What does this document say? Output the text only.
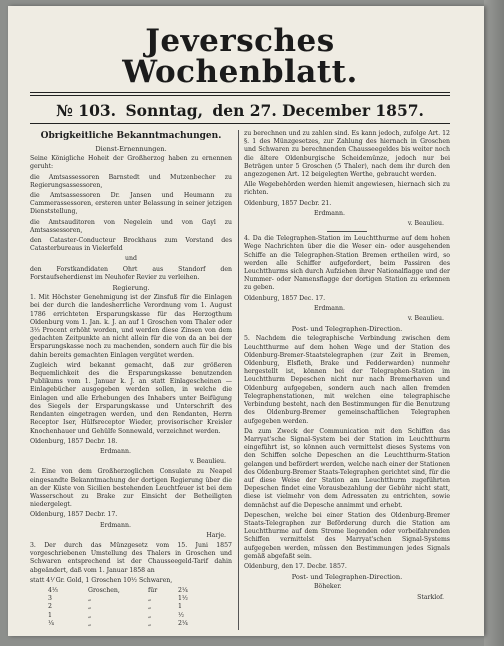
Jeversches Wochenblatt.
№ 103. Sonntag, den 27. December 1857.
Obrigkeitliche Bekanntmachungen.
Dienst-Ernennungen.

Seine Königliche Hoheit der Großherzog haben zu ernennen geruht:

die Amtsassessoren Barnstedt und Mutzenbecher zu Regierungsassessoren,

die Amtsassessoren Dr. Jansen und Heumann zu Cammerassessoren, ersteren unter Belassung in seiner jetzigen Dienststellung,

die Amtsauditoren von Negelein und von Gayl zu Amtsassessoren,

den Cataster-Conducteur Brockhaus zum Vorstand des Catasterbureaus in Vielerfeld

und

den Forstkandidaten Ohrt aus Standorf den Forstaufseherdienst im Neuhofer Revier zu verleihen.

Regierung.

1. Mit Höchster Genehmigung ist der Zinsfuß für die Einlagen bei der durch die landesherrliche Verordnung vom 1. August 1786 errichteten Ersparungskasse für das Herzogthum Oldenburg vom 1. Jan. k. J. an auf 1 Groschen vom Thaler oder 3⅓ Procent erhöht worden, und werden diese Zinsen von dem gedachten Zeitpunkte an nicht allein für die von da an bei der Ersparungskasse noch zu machenden, sondern auch für die bis dahin bereits gemachten Einlagen vergütet werden.

Zugleich wird bekannt gemacht, daß zur größeren Bequemlichkeit des die Ersparungskasse benutzenden Publikums vom 1. Januar k. J. an statt Einlagescheinen — Einlagebücher ausgegeben werden sollen, in welche die Einlagen und alle Erhebungen des Inhabers unter Beifügung des Siegels der Ersparungskasse und Unterschrift des Rendanten eingetragen werden, und den Rendanten, Herrn Receptor Iser, Hülfsreceptor Wieder, provisorischer Kreisler Knochenhauer und Gehülfe Sonnewald, verzeichnet werden.

Oldenburg, 1857 Decbr. 18.

Erdmann.

v. Beaulieu.

2. Eine von dem Großherzoglichen Consulate zu Neapel eingesandte Bekanntmachung der dortigen Regierung über die an der Küste von Sicilien bestehenden Leuchtfeuer ist bei dem Wasserschout zu Brake zur Einsicht der Betheiligten niedergelegt.

Oldenburg, 1857 Decbr. 17.

Erdmann.

Harje.

3. Der durch das Münzgesetz vom 15. Juni 1857 vorgeschriebenen Umstellung des Thalers in Groschen und Schwaren entsprechend ist der Chausseegeld-Tarif dahin abgeändert, daß vom 1. Januar 1858 an

statt 4⅟ Gr. Gold, 1 Groschen 10½ Schwaren,

4⅓	Groschen,	für	2¼
3	„	„	1½
2	„	„	1
1	„	„	½
¼	„	„	2¼

zu berechnen und zu zahlen sind. Es kann jedoch, zufolge Art. 12 §. 1 des Münzgesetzes, zur Zahlung des hiernach in Groschen und Schwaren zu berechnenden Chausseegeldes bis weiter noch die ältere Oldenburgische Scheidemünze, jedoch nur bei Beträgen unter 5 Groschen (5 Thaler), nach dem ihr durch den angezogenen Art. 12 beigelegten Werthe, gebraucht werden.

Alle Wegebehörden werden hiemit angewiesen, hiernach sich zu richten.

Oldenburg, 1857 Decbr. 21.

Erdmann.

v. Beaulieu.

4. Da die Telegraphen-Station im Leuchtthurme auf dem hohen Wege Nachrichten über die die Weser ein- oder ausgehenden Schiffe an die Telegraphen-Station Bremen ertheilen wird, so werden alle Schiffer aufgefordert, beim Passiren des Leuchtthurms sich durch Aufziehen ihrer Nationalflagge und der Nummer- oder Namensflagge der dortigen Station zu erkennen zu geben.

Oldenburg, 1857 Dec. 17.

Erdmann.

v. Beaulieu.

Post- und Telegraphen-Direction.

5. Nachdem die telegraphische Verbindung zwischen dem Leuchtthurme auf dem hohen Wege und der Station des Oldenburg-Bremer-Staatstelegraphen (zur Zeit in Bremen, Oldenburg, Elsfleth, Brake und Fedderwarden) nunmehr hergestellt ist, können bei der Telegraphen-Station im Leuchtthurm Depeschen nicht nur nach Bremerhaven und Oldenburg aufgegeben, sondern auch nach allen fremden Telegraphenstationen, mit welchen eine telegraphische Verbindung besteht, nach den Bestimmungen für die Benutzung des Oldenburg-Bremer gemeinschaftlichen Telegraphen aufgegeben werden.

Da zum Zweck der Communication mit den Schiffen das Marryat'sche Signal-System bei der Station im Leuchtthurm eingeführt ist, so können auch vermittelst dieses Systems von den Schiffen solche Depeschen an die Leuchtthurm-Station gelangen und befördert werden, welche nach einer der Stationen des Oldenburg-Bremer Staats-Telegraphen gerichtet sind, für die auf diese Weise der Station am Leuchtthurm zugeführten Depeschen findet eine Vorausbezahlung der Gebühr nicht statt, diese ist vielmehr von dem Adressaten zu entrichten, sowie demnächst auf die Depesche annimmt und erhebt.

Depeschen, welche bei einer Station des Oldenburg-Bremer Staats-Telegraphen zur Beförderung durch die Station am Leuchtthurme auf dem Strome liegenden oder vorbeifahrenden Schiffen vermittelst des Marryat'schen Signal-Systems aufgegeben werden, müssen den Bestimmungen jedes Signals gemäß abgefaßt sein.

Oldenburg, den 17. Decbr. 1857.

Post- und Telegraphen-Direction.

Böheker.

Starklof.
